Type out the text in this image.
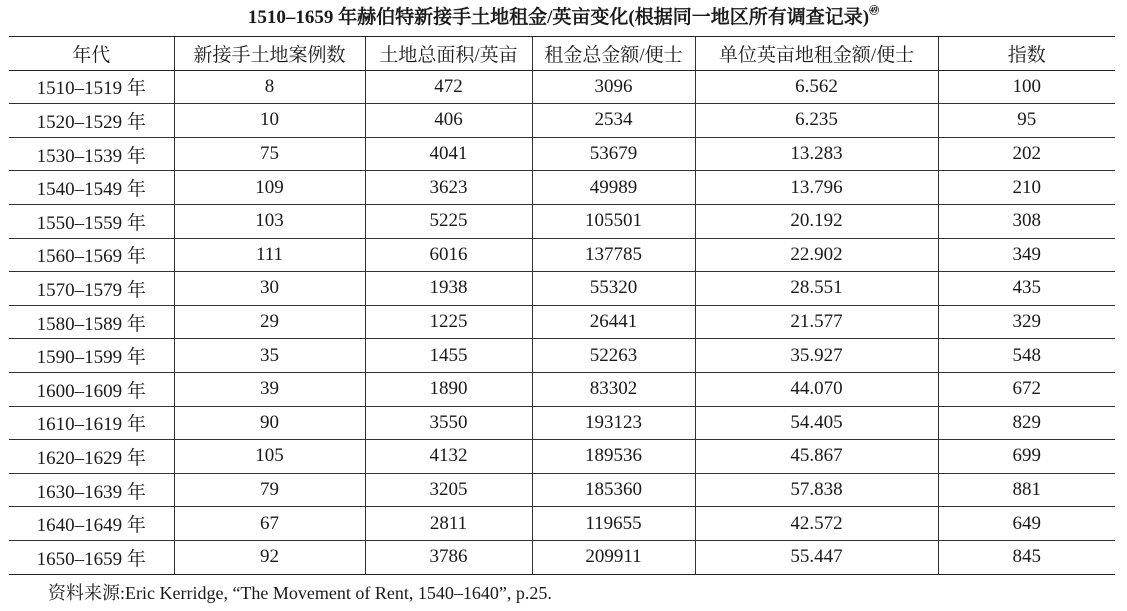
1510–1659 年赫伯特新接手土地租金/英亩变化(根据同一地区所有调查记录)$^㊾$
年代	新接手土地案例数	土地总面积/英亩	租金总金额/便士	单位英亩地租金额/便士	指数
1510–1519 年	8	472	3096	6.562	100
1520–1529 年	10	406	2534	6.235	95
1530–1539 年	75	4041	53679	13.283	202
1540–1549 年	109	3623	49989	13.796	210
1550–1559 年	103	5225	105501	20.192	308
1560–1569 年	111	6016	137785	22.902	349
1570–1579 年	30	1938	55320	28.551	435
1580–1589 年	29	1225	26441	21.577	329
1590–1599 年	35	1455	52263	35.927	548
1600–1609 年	39	1890	83302	44.070	672
1610–1619 年	90	3550	193123	54.405	829
1620–1629 年	105	4132	189536	45.867	699
1630–1639 年	79	3205	185360	57.838	881
1640–1649 年	67	2811	119655	42.572	649
1650–1659 年	92	3786	209911	55.447	845
资料来源:Eric Kerridge, “The Movement of Rent, 1540–1640”, p.25.
